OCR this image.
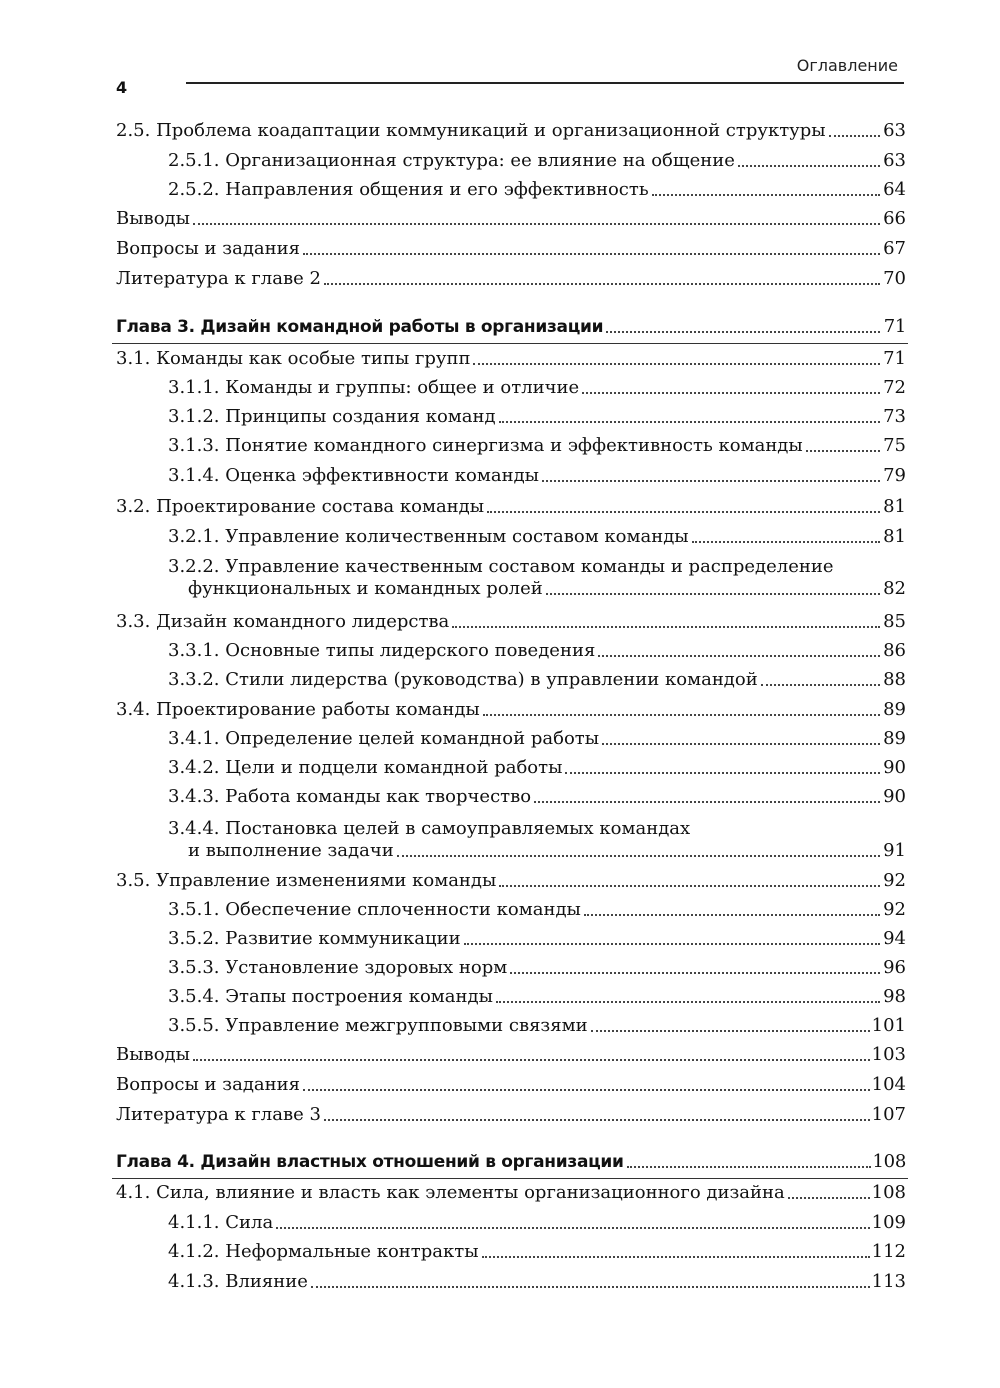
Оглавление
4
2.5. Проблема коадаптации коммуникаций и организационной структуры	63
2.5.1. Организационная структура: ее влияние на общение	63
2.5.2. Направления общения и его эффективность	64
Выводы	66
Вопросы и задания	67
Литература к главе 2	70
Глава 3. Дизайн командной работы в организации	71
3.1. Команды как особые типы групп	71
3.1.1. Команды и группы: общее и отличие	72
3.1.2. Принципы создания команд	73
3.1.3. Понятие командного синергизма и эффективность команды	75
3.1.4. Оценка эффективности команды	79
3.2. Проектирование состава команды	81
3.2.1. Управление количественным составом команды	81
3.2.2. Управление качественным составом команды и распределение
функциональных и командных ролей	82
3.3. Дизайн командного лидерства	85
3.3.1. Основные типы лидерского поведения	86
3.3.2. Стили лидерства (руководства) в управлении командой	88
3.4. Проектирование работы команды	89
3.4.1. Определение целей командной работы	89
3.4.2. Цели и подцели командной работы	90
3.4.3. Работа команды как творчество	90
3.4.4. Постановка целей в самоуправляемых командах
и выполнение задачи	91
3.5. Управление изменениями команды	92
3.5.1. Обеспечение сплоченности команды	92
3.5.2. Развитие коммуникации	94
3.5.3. Установление здоровых норм	96
3.5.4. Этапы построения команды	98
3.5.5. Управление межгрупповыми связями	101
Выводы	103
Вопросы и задания	104
Литература к главе 3	107
Глава 4. Дизайн властных отношений в организации	108
4.1. Сила, влияние и власть как элементы организационного дизайна	108
4.1.1. Сила	109
4.1.2. Неформальные контракты	112
4.1.3. Влияние	113
